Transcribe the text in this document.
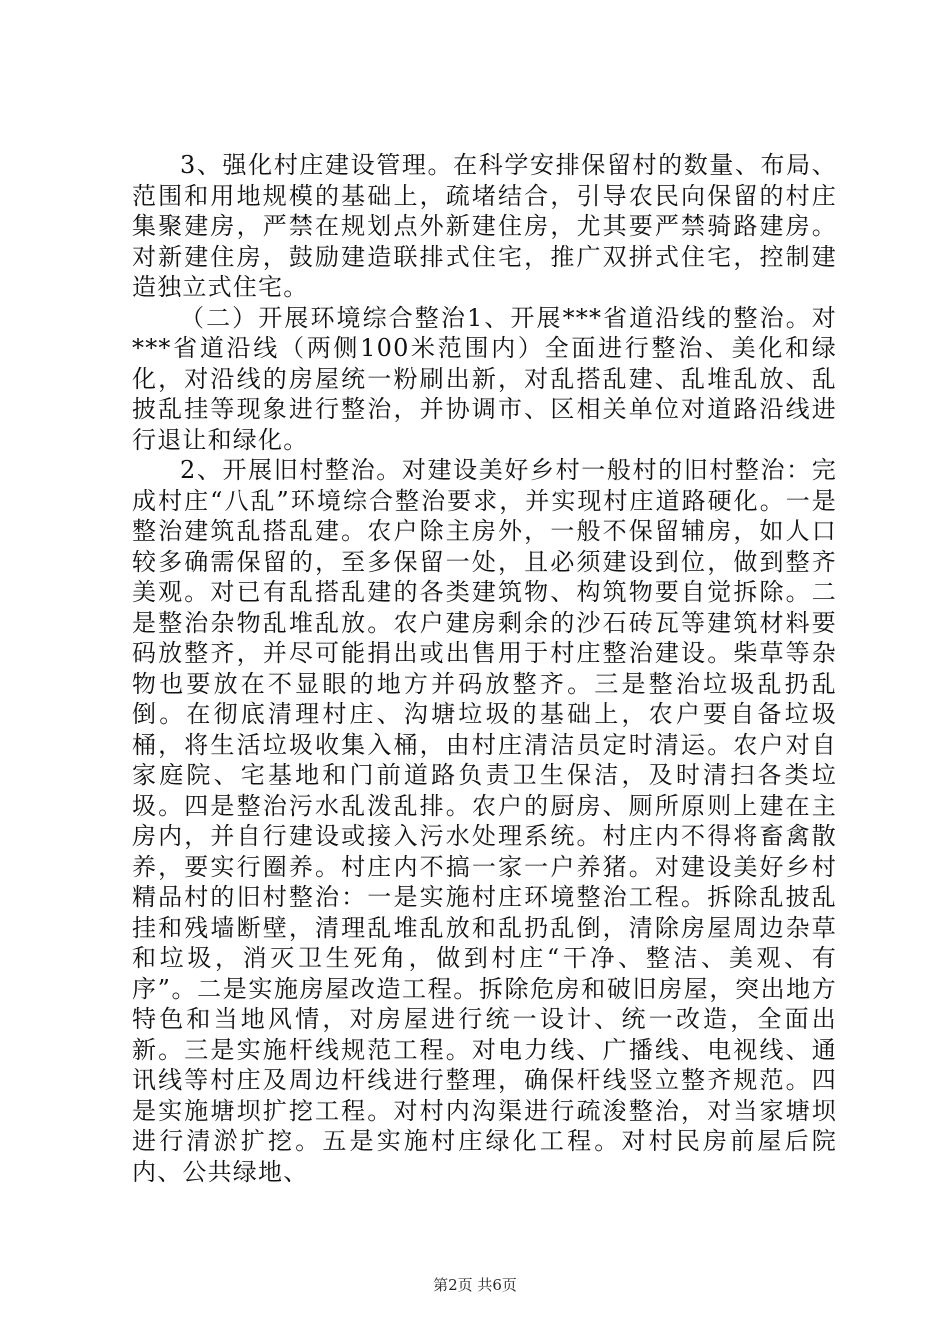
3、强化村庄建设管理。在科学安排保留村的数量、布局、范围和用地规模的基础上，疏堵结合，引导农民向保留的村庄集聚建房，严禁在规划点外新建住房，尤其要严禁骑路建房。对新建住房，鼓励建造联排式住宅，推广双拼式住宅，控制建造独立式住宅。

（二）开展环境综合整治1、开展***省道沿线的整治。对***省道沿线（两侧100米范围内）全面进行整治、美化和绿化，对沿线的房屋统一粉刷出新，对乱搭乱建、乱堆乱放、乱披乱挂等现象进行整治，并协调市、区相关单位对道路沿线进行退让和绿化。

2、开展旧村整治。对建设美好乡村一般村的旧村整治：完成村庄“八乱”环境综合整治要求，并实现村庄道路硬化。一是整治建筑乱搭乱建。农户除主房外，一般不保留辅房，如人口较多确需保留的，至多保留一处，且必须建设到位，做到整齐美观。对已有乱搭乱建的各类建筑物、构筑物要自觉拆除。二是整治杂物乱堆乱放。农户建房剩余的沙石砖瓦等建筑材料要码放整齐，并尽可能捐出或出售用于村庄整治建设。柴草等杂物也要放在不显眼的地方并码放整齐。三是整治垃圾乱扔乱倒。在彻底清理村庄、沟塘垃圾的基础上，农户要自备垃圾桶，将生活垃圾收集入桶，由村庄清洁员定时清运。农户对自家庭院、宅基地和门前道路负责卫生保洁，及时清扫各类垃圾。四是整治污水乱泼乱排。农户的厨房、厕所原则上建在主房内，并自行建设或接入污水处理系统。村庄内不得将畜禽散养，要实行圈养。村庄内不搞一家一户养猪。对建设美好乡村精品村的旧村整治：一是实施村庄环境整治工程。拆除乱披乱挂和残墙断壁，清理乱堆乱放和乱扔乱倒，清除房屋周边杂草和垃圾，消灭卫生死角，做到村庄“干净、整洁、美观、有序”。二是实施房屋改造工程。拆除危房和破旧房屋，突出地方特色和当地风情，对房屋进行统一设计、统一改造，全面出新。三是实施杆线规范工程。对电力线、广播线、电视线、通讯线等村庄及周边杆线进行整理，确保杆线竖立整齐规范。四是实施塘坝扩挖工程。对村内沟渠进行疏浚整治，对当家塘坝进行清淤扩挖。五是实施村庄绿化工程。对村民房前屋后院内、公共绿地、

第2页 共6页
